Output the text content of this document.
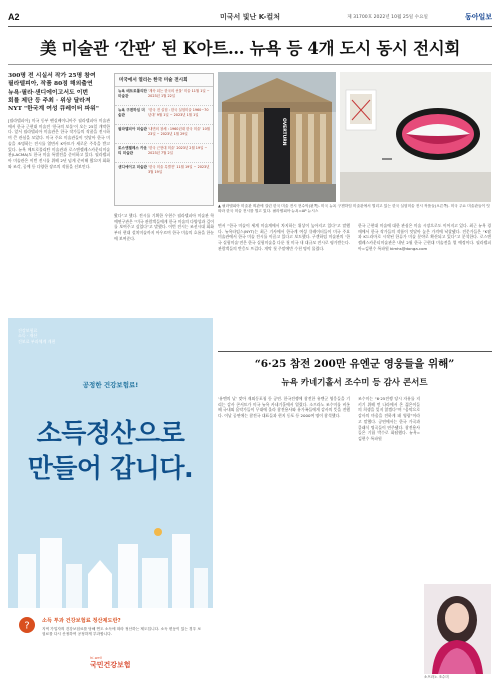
A2	미국서 빛난 K-컬처	제 31700호 2022년 10월 25일 수요일	동아일보
美 미술관 ‘간판’ 된 K아트… 뉴욕 등 4개 도시 동시 전시회
300명 전 시실서 작가 25명 참여
필라델피아, 작품 80점 해외출연
뉴욕·필라·샌디에이고서도 이번
회를 제단 등 주최 · 위상 달라져
NYT "한국계 여성 큐레이터 파워"
[필라델피아] 미국 동부 펜실베이니아주 필라델피아 미술관에서 한국 근현대 미술전 ‘한국의 보물’이 오는 25일 개막한다. 앞서 필라델피아 미술관은 한국 작가들의 작품을 전시하며 큰 관심을 모았다. 미국 주요 미술관들이 잇달아 한국 미술을 조명하는 전시를 열면서 K아트가 새로운 주목을 받고 있다. 뉴욕 메트로폴리탄 미술관과 로스앤젤레스카운티미술관(LACMA)도 한국 미술 특별전을 준비하고 있다. 필라델피아 미술관은 이번 전시를 위해 2년 넘게 준비해 왔으며 회화와 조각, 공예 등 다양한 장르의 작품을 선보인다.
미국에서 열리는 한국 미술 전시회
뉴욕 메트로폴리탄 미술관
‘계속 되는 한국의 선물’ 미술 11월 1일 ~ 2023년 1월 22일
뉴욕 구겐하임 미술관
‘한국 전 실험 : 한국 실험미술 1960~70년대’ 9월 1일 ~ 2023년 1월 1일
필라델피아 미술관 ‘내면의 창세 : 1960년대 한국 미술’ 10월 23일 ~ 2023년 1월 29일
로스앤젤레스 카운티 미술관
‘한국 근현대 미술’ 2023년 2월 19일 ~ 2023년 7월 2일
샌디에이고 미술관 ‘한국 미술 특별전’ 11월 19일 ~ 2023년 3월 19일
OVERTURN
▲ 필라델피아 미술관 외관에 걸린 한국 미술 전시 현수막(왼쪽). 미국 뉴욕 구겐하임 미술관에서 열리고 있는 한국 실험미술 전시 작품들(오른쪽). 미국 주요 미술관들이 잇따라 한국 미술 전시를 열고 있다. 필라델피아·뉴욕=AP 뉴시스
왔다”고 했다. 전시를 기획한 우현수 필라델피아 미술관 학예연구관은 “미국 관람객들에게 한국 미술의 다양성과 깊이를 보여주고 싶었다”고 말했다. 이번 전시는 조선시대 회화부터 현대 설치미술까지 아우르며 한국 미술의 흐름을 한눈에 보여준다.
면서 “한국 미술이 세계 미술계에서 차지하는 위상이 높아지고 있다”고 말했다. 뉴욕타임스(NYT)는 최근 기사에서 한국계 여성 큐레이터들이 미국 주요 미술관에서 한국 미술 전시를 이끌고 있다고 보도했다. 구겐하임 미술관의 ‘한국 실험미술’전은 한국 실험미술을 다룬 첫 미국 내 대규모 전시로 평가받는다. 관람객들의 반응도 뜨겁다. 개막 첫 주말에만 수천 명이 몰렸다.
한국 근현대 미술에 대한 관심은 미술 시장으로도 이어지고 있다. 최근 뉴욕 경매에서 한국 작가들의 작품이 잇달아 높은 가격에 낙찰됐다. 전문가들은 “K팝과 K드라마로 시작된 한류가 미술 분야로 확산되고 있다”고 분석한다. 로스앤젤레스카운티미술관은 내년 2월 한국 근현대 미술전을 열 예정이다. 필라델피아=김현수 특파원 kimhs@donga.com
건강보험료
소득 · 재산
건보료 부과체계 개편
공정한 건강보험료!
소득정산으로
만들어 갑니다.
? 소득 투과 건강보험료 정산제도란?
지역 가입자의 건강보험료를 당해 연도 소득에 따라 정산하는 제도입니다. 소득 변동이 있는 경우 보험료를 다시 산정하여 공정하게 부과합니다.
hi-well
국민건강보험
“6·25 참전 200만 유엔군 영웅들을 위해”
뉴욕 카네기홀서 조수미 등 감사 콘서트
‘유엔의 날’ 맞아 재외동포청 등 공연. 한국전쟁에 참전한 유엔군 영웅들을 기리는 감사 콘서트가 미국 뉴욕 카네기홀에서 열렸다. 소프라노 조수미를 비롯해 국내외 음악가들이 무대에 올라 참전용사와 유가족들에게 감사의 뜻을 전했다. 이날 공연에는 참전국 대표들과 현지 동포 등 2000여 명이 참석했다.
조수미는 “6·25전쟁 당시 자유를 지키기 위해 먼 나라에서 온 젊은이들의 희생을 잊지 않겠다”며 “음악으로 감사의 마음을 전하게 돼 영광”이라고 말했다. 공연에서는 한국 가곡과 클래식 명곡들이 연주됐다. 참전용사들은 기립 박수로 화답했다. 뉴욕=김현수 특파원
소프라노 조수미
